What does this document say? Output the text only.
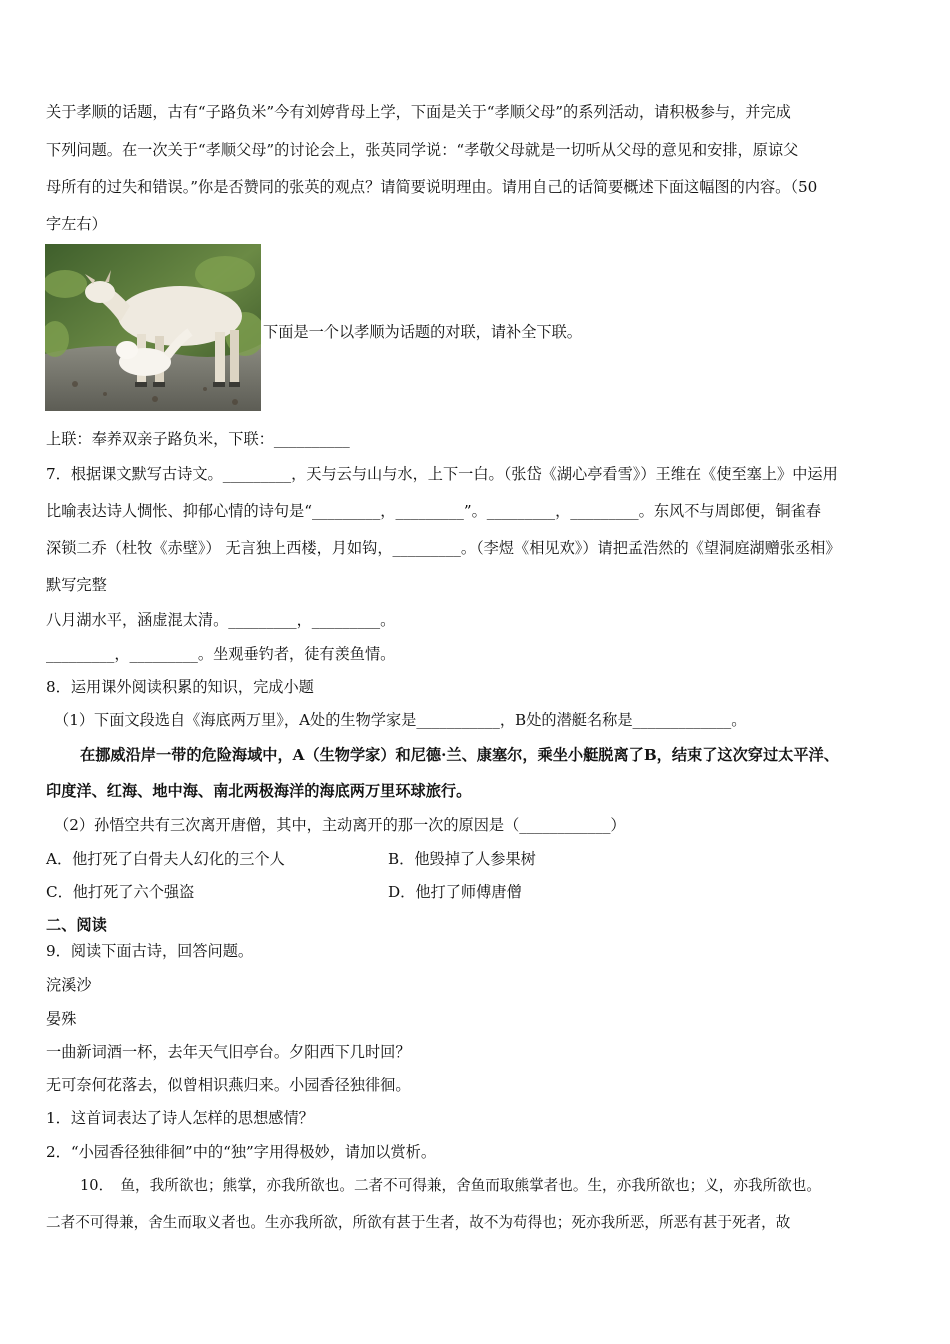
关于孝顺的话题，古有“子路负米”今有刘婷背母上学，下面是关于“孝顺父母”的系列活动，请积极参与，并完成
下列问题。在一次关于“孝顺父母”的讨论会上，张英同学说：“孝敬父母就是一切听从父母的意见和安排，原谅父
母所有的过失和错误。”你是否赞同的张英的观点？请简要说明理由。请用自己的话简要概述下面这幅图的内容。（50
字左右）
下面是一个以孝顺为话题的对联，请补全下联。
上联：奉养双亲子路负米，下联：__________
7．根据课文默写古诗文。_________，天与云与山与水，上下一白。（张岱《湖心亭看雪》）王维在《使至塞上》中运用
比喻表达诗人惆怅、抑郁心情的诗句是“_________，_________”。_________，_________。东风不与周郎便，铜雀春
深锁二乔（杜牧《赤壁》） 无言独上西楼，月如钩，_________。（李煜《相见欢》）请把孟浩然的《望洞庭湖赠张丞相》
默写完整
八月湖水平，涵虚混太清。_________，_________。
_________，_________。坐观垂钓者，徒有羡鱼情。
8．运用课外阅读积累的知识，完成小题
（1）下面文段选自《海底两万里》，A处的生物学家是___________，B处的潜艇名称是_____________。
在挪威沿岸一带的危险海域中，A（生物学家）和尼德·兰、康塞尔，乘坐小艇脱离了B，结束了这次穿过太平洋、
印度洋、红海、地中海、南北两极海洋的海底两万里环球旅行。
（2）孙悟空共有三次离开唐僧，其中，主动离开的那一次的原因是（____________）
A．他打死了白骨夫人幻化的三个人	B．他毁掉了人参果树
C．他打死了六个强盗	D．他打了师傅唐僧
二、阅读
9．阅读下面古诗，回答问题。
浣溪沙
晏殊
一曲新词酒一杯，去年天气旧亭台。夕阳西下几时回？
无可奈何花落去，似曾相识燕归来。小园香径独徘徊。
1．这首词表达了诗人怎样的思想感情？
2．“小园香径独徘徊”中的“独”字用得极妙，请加以赏析。
10．　鱼，我所欲也；熊掌，亦我所欲也。二者不可得兼，舍鱼而取熊掌者也。生，亦我所欲也；义，亦我所欲也。
二者不可得兼，舍生而取义者也。生亦我所欲，所欲有甚于生者，故不为苟得也；死亦我所恶，所恶有甚于死者，故
